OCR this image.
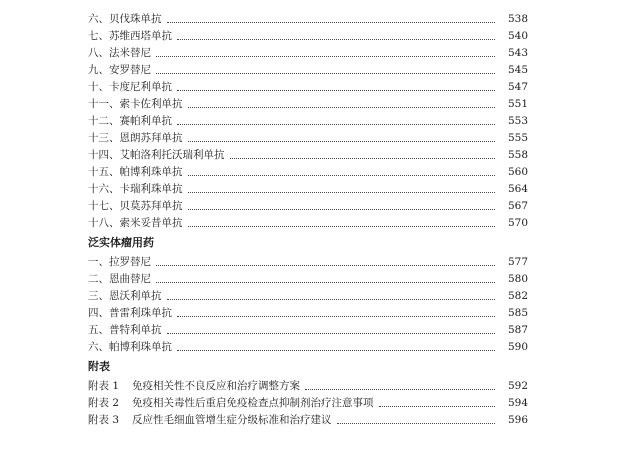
六、贝伐珠单抗	538
七、苏维西塔单抗	540
八、法米替尼	543
九、安罗替尼	545
十、卡度尼利单抗	547
十一、索卡佐利单抗	551
十二、赛帕利单抗	553
十三、恩朗苏拜单抗	555
十四、艾帕洛利托沃瑞利单抗	558
十五、帕博利珠单抗	560
十六、卡瑞利珠单抗	564
十七、贝莫苏拜单抗	567
十八、索米妥昔单抗	570
泛实体瘤用药
一、拉罗替尼	577
二、恩曲替尼	580
三、恩沃利单抗	582
四、普雷利珠单抗	585
五、普特利单抗	587
六、帕博利珠单抗	590
附表
附表 1	免疫相关性不良反应和治疗调整方案	592
附表 2	免疫相关毒性后重启免疫检查点抑制剂治疗注意事项	594
附表 3	反应性毛细血管增生症分级标准和治疗建议	596
